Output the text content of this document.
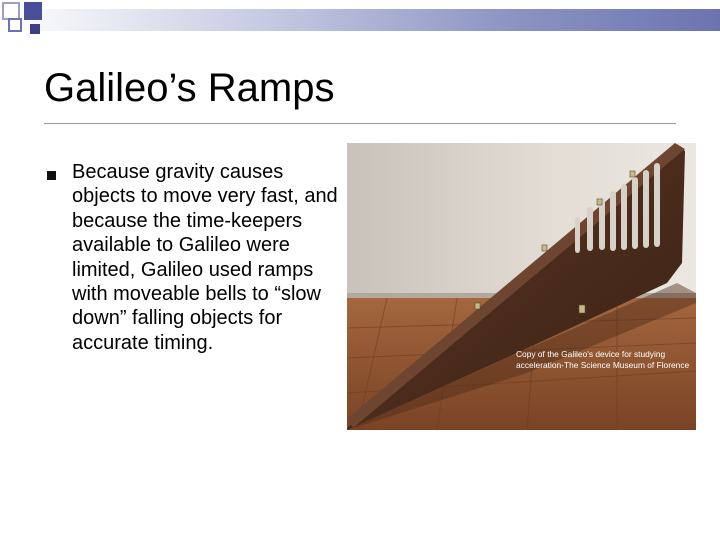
Galileo’s Ramps

Because gravity causes objects to move very fast, and because the time-keepers available to Galileo were limited, Galileo used ramps with moveable bells to “slow down” falling objects for accurate timing.

Copy of the Galileo's device for studying acceleration-The Science Museum of Florence
